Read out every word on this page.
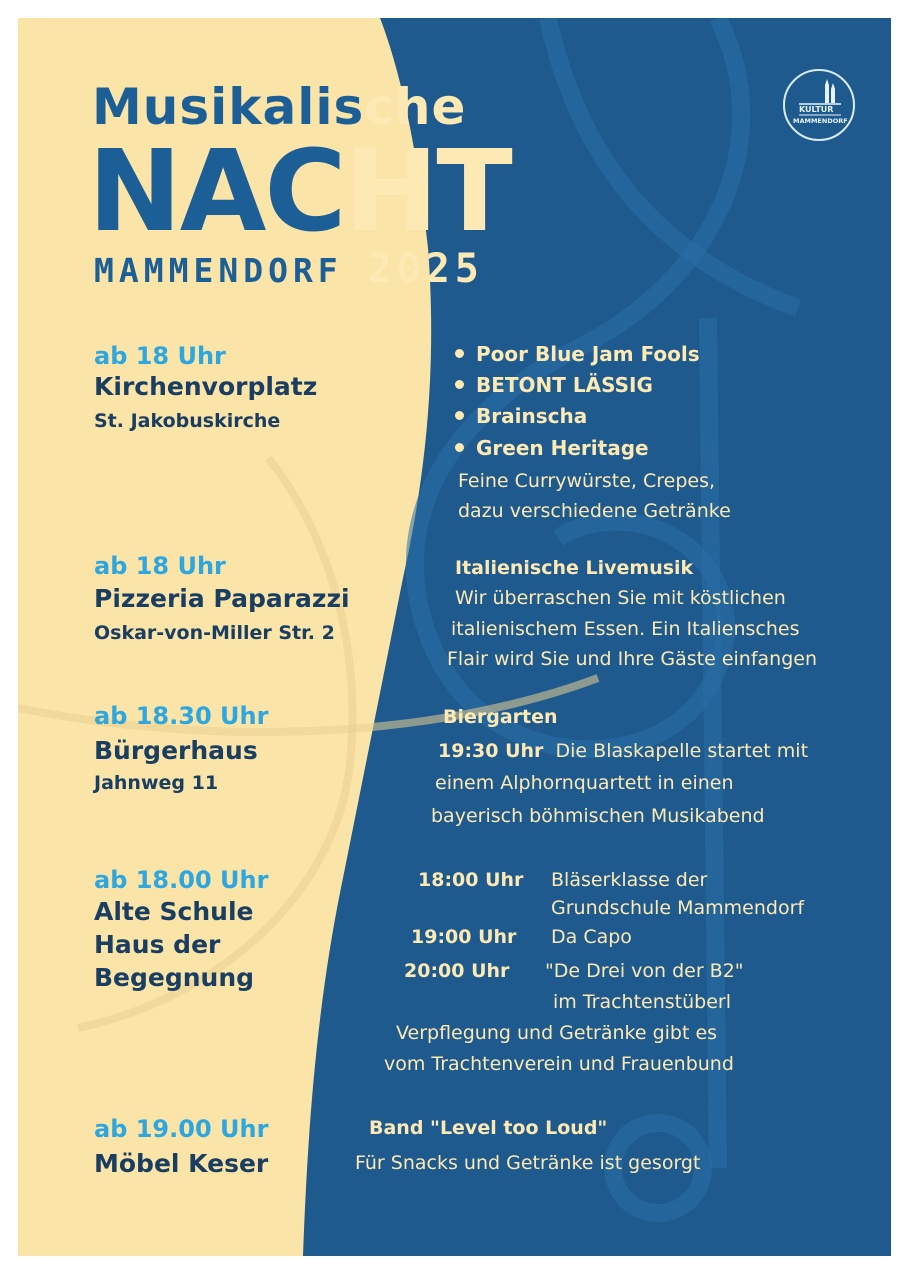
Musikalische
NACHT
MAMMENDORF 2025
KULTUR
MAMMENDORF
ab 18 Uhr
Kirchenvorplatz
St. Jakobuskirche
Poor Blue Jam Fools
BETONT LÄSSIG
Brainscha
Green Heritage
Feine Currywürste, Crepes,
dazu verschiedene Getränke
ab 18 Uhr
Pizzeria Paparazzi
Oskar-von-Miller Str. 2
Italienische Livemusik
Wir überraschen Sie mit köstlichen
italienischem Essen. Ein Italiensches
Flair wird Sie und Ihre Gäste einfangen
ab 18.30 Uhr
Bürgerhaus
Jahnweg 11
Biergarten
19:30 Uhr Die Blaskapelle startet mit
einem Alphornquartett in einen
bayerisch böhmischen Musikabend
ab 18.00 Uhr
Alte Schule
Haus der
Begegnung
18:00 Uhr Bläserklasse der
Grundschule Mammendorf
19:00 Uhr Da Capo
20:00 Uhr "De Drei von der B2"
im Trachtenstüberl
Verpflegung und Getränke gibt es
vom Trachtenverein und Frauenbund
ab 19.00 Uhr
Möbel Keser
Band "Level too Loud"
Für Snacks und Getränke ist gesorgt
